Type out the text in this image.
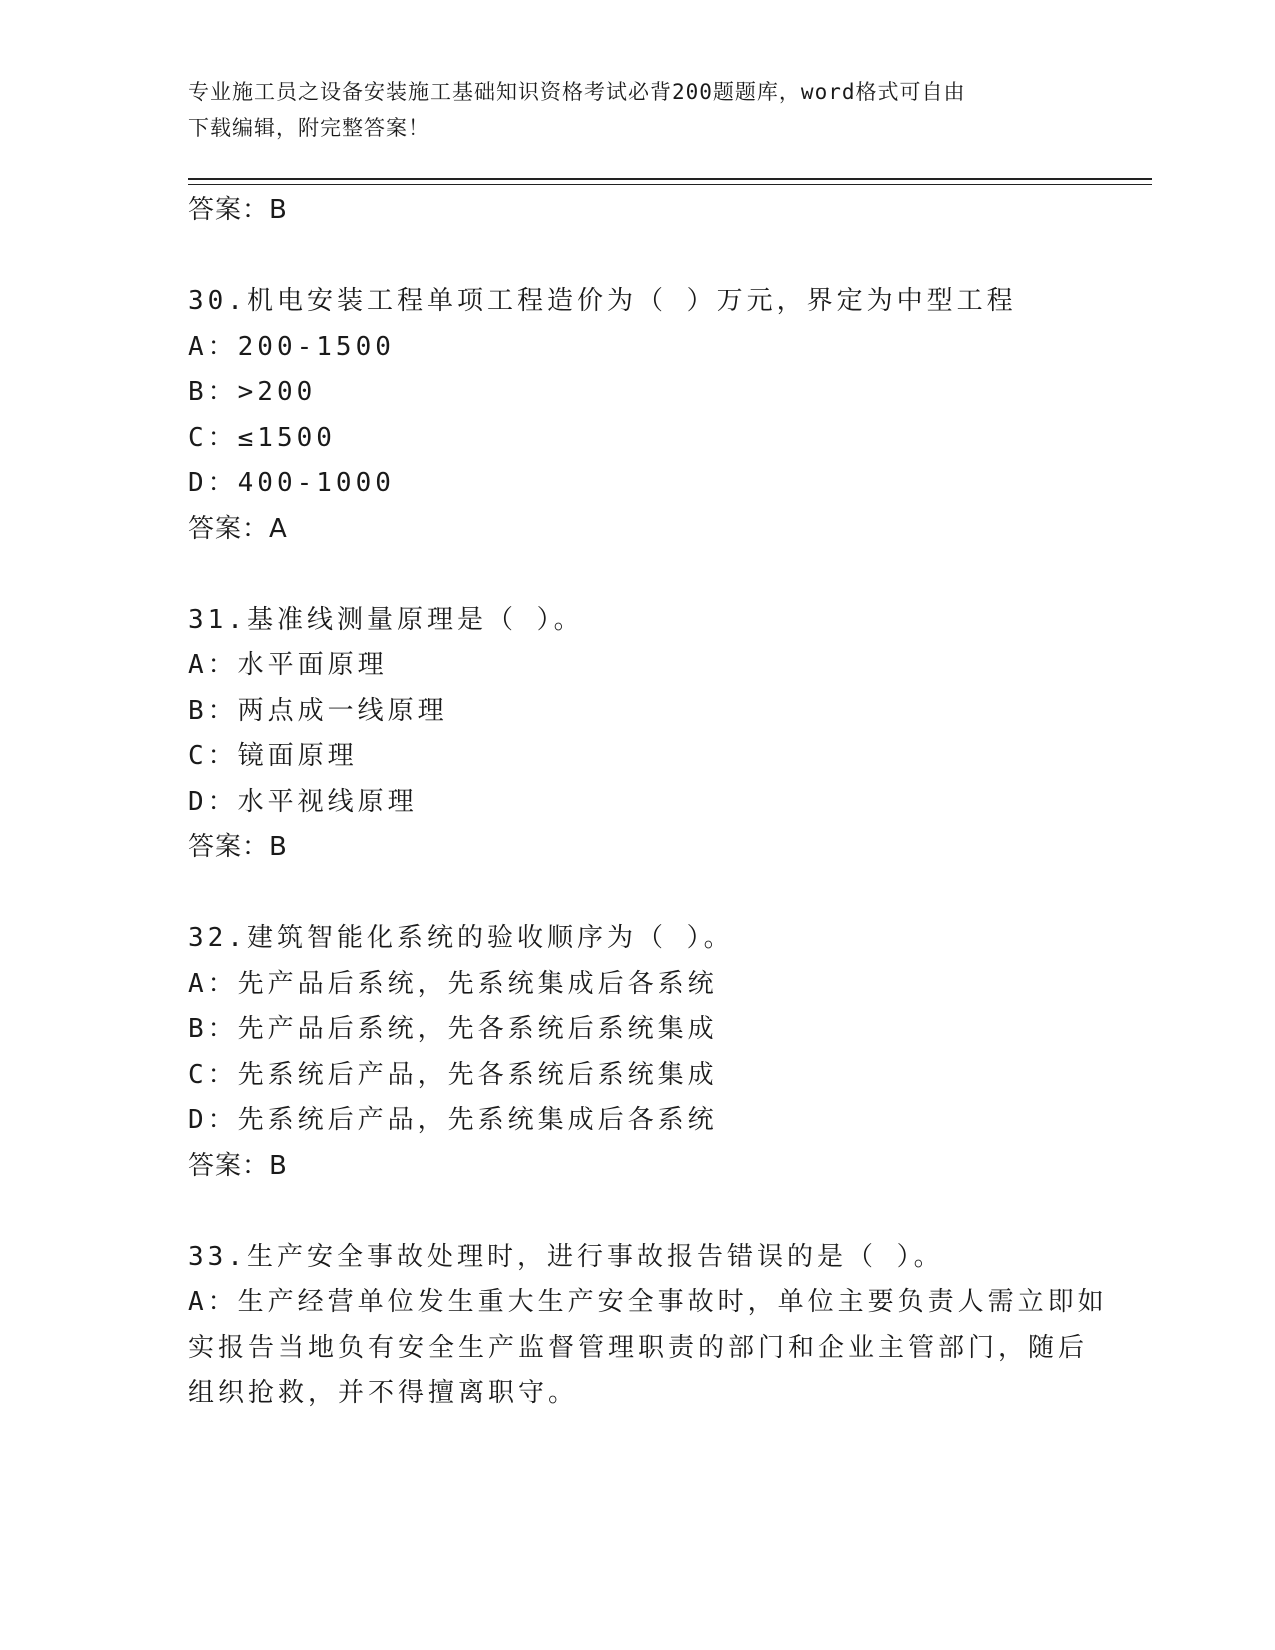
专业施工员之设备安装施工基础知识资格考试必背200题题库，word格式可自由
下载编辑，附完整答案！
答案：B
30.机电安装工程单项工程造价为（ ）万元，界定为中型工程
A：200-1500
B：>200
C：≤1500
D：400-1000
答案：A
31.基准线测量原理是（ ）。
A：水平面原理
B：两点成一线原理
C：镜面原理
D：水平视线原理
答案：B
32.建筑智能化系统的验收顺序为（ ）。
A：先产品后系统，先系统集成后各系统
B：先产品后系统，先各系统后系统集成
C：先系统后产品，先各系统后系统集成
D：先系统后产品，先系统集成后各系统
答案：B
33.生产安全事故处理时，进行事故报告错误的是（ ）。
A：生产经营单位发生重大生产安全事故时，单位主要负责人需立即如
实报告当地负有安全生产监督管理职责的部门和企业主管部门，随后
组织抢救，并不得擅离职守。
